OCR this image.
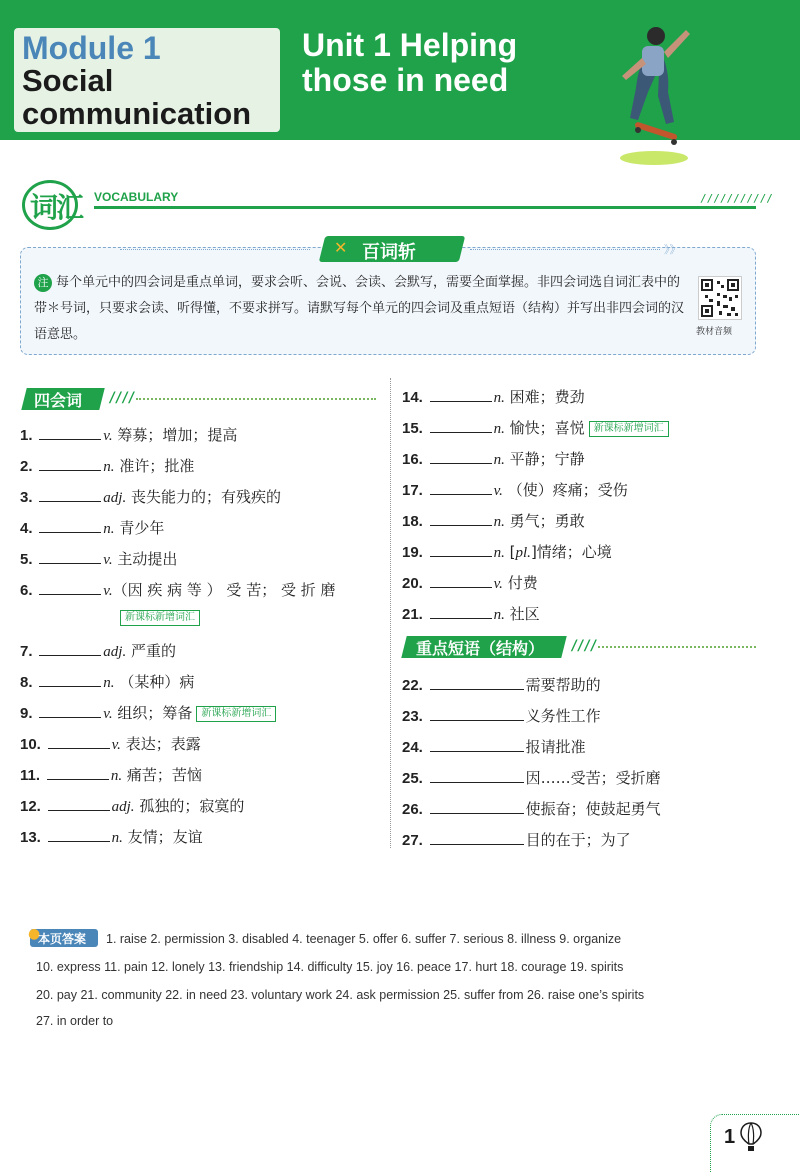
Module 1
Social communication
Unit 1 Helping those in need
词汇 VOCABULARY	///////////
》》
✕ 百词斩
注 每个单元中的四会词是重点单词，要求会听、会说、会读、会默写，需要全面掌握。非四会词选自词汇表中的带＊号词，只要求会读、听得懂，不要求拼写。请默写每个单元的四会词及重点短语（结构）并写出非四会词的汉语意思。	教材音频
四会词 ////
重点短语（结构） ////
1.	v. 筹募；增加；提高
2.	n. 准许；批准
3.	adj. 丧失能力的；有残疾的
4.	n. 青少年
5.	v. 主动提出
6.	v.（因 疾 病 等 ） 受 苦； 受 折 磨
新课标新增词汇
7.	adj. 严重的
8.	n. （某种）病
9.	v. 组织；筹备 新课标新增词汇
10.	v. 表达；表露
11.	n. 痛苦；苦恼
12.	adj. 孤独的；寂寞的
13.	n. 友情；友谊
14.	n. 困难；费劲
15.	n. 愉快；喜悦 新课标新增词汇
16.	n. 平静；宁静
17.	v. （使）疼痛；受伤
18.	n. 勇气；勇敢
19.	n. [pl.]情绪；心境
20.	v. 付费
21.	n. 社区
22.	需要帮助的
23.	义务性工作
24.	报请批准
25.	因……受苦；受折磨
26.	使振奋；使鼓起勇气
27.	目的在于；为了
●
本页答案 1. raise 2. permission 3. disabled 4. teenager 5. offer 6. suffer 7. serious 8. illness 9. organize
10. express 11. pain 12. lonely 13. friendship 14. difficulty 15. joy 16. peace 17. hurt 18. courage 19. spirits
20. pay 21. community 22. in need 23. voluntary work 24. ask permission 25. suffer from 26. raise one’s spirits
27. in order to
1
